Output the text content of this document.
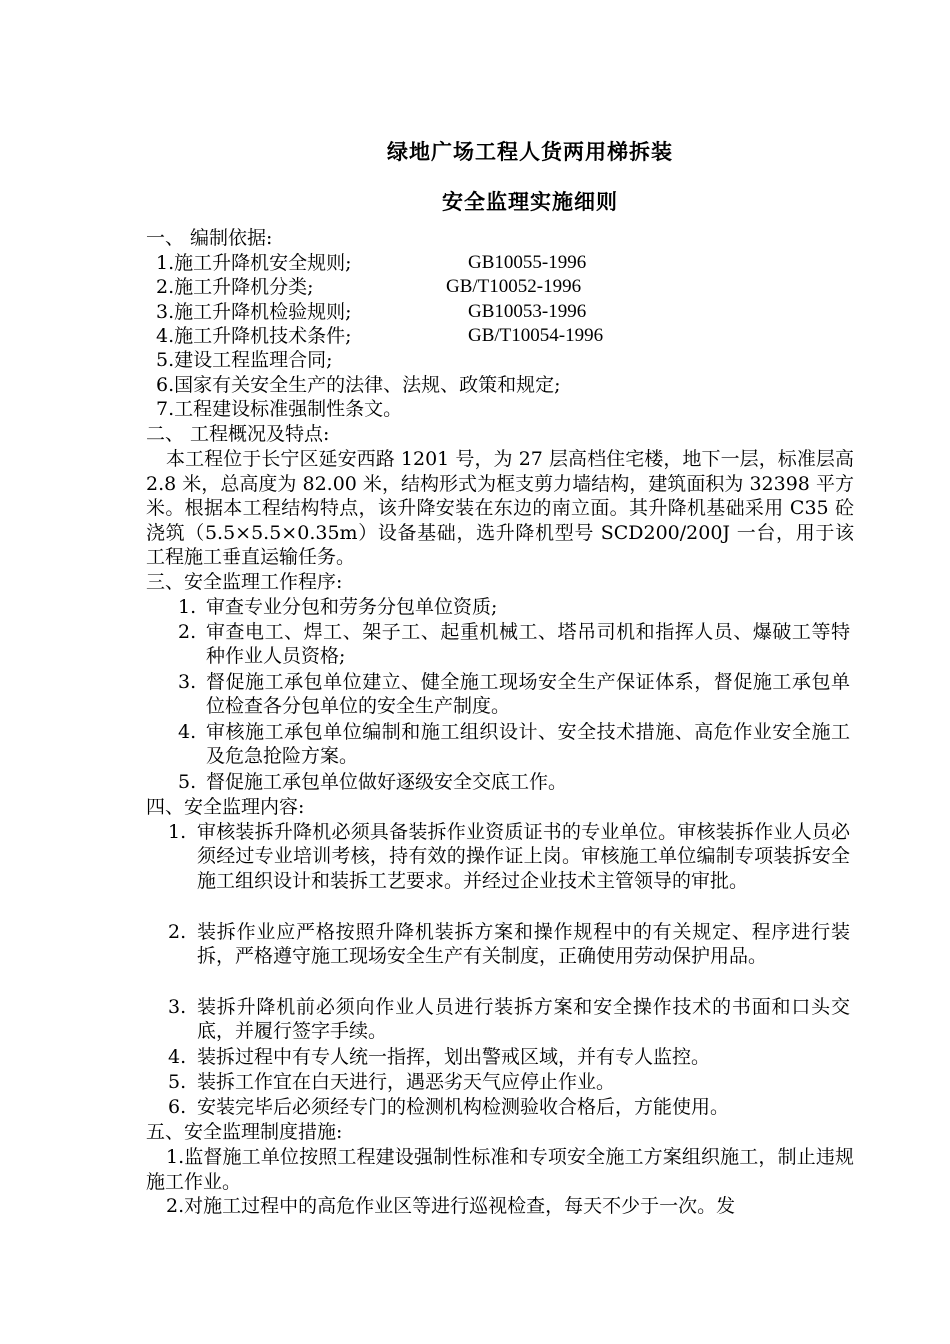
绿地广场工程人货两用梯拆装
安全监理实施细则
一、 编制依据:
1.施工升降机安全规则;	GB10055-1996
2.施工升降机分类;	GB/T10052-1996
3.施工升降机检验规则;	GB10053-1996
4.施工升降机技术条件;	GB/T10054-1996
5.建设工程监理合同;
6.国家有关安全生产的法律、法规、政策和规定;
7.工程建设标准强制性条文。
二、 工程概况及特点:
本工程位于长宁区延安西路 1201 号，为 27 层高档住宅楼，地下一层，标准层高 2.8 米，总高度为 82.00 米，结构形式为框支剪力墙结构，建筑面积为 32398 平方米。根据本工程结构特点，该升降安装在东边的南立面。其升降机基础采用 C35 砼浇筑（5.5×5.5×0.35m）设备基础，选升降机型号 SCD200/200J 一台，用于该工程施工垂直运输任务。
三、安全监理工作程序:
1. 审查专业分包和劳务分包单位资质;
2. 审查电工、焊工、架子工、起重机械工、塔吊司机和指挥人员、爆破工等特种作业人员资格;
3. 督促施工承包单位建立、健全施工现场安全生产保证体系，督促施工承包单位检查各分包单位的安全生产制度。
4. 审核施工承包单位编制和施工组织设计、安全技术措施、高危作业安全施工及危急抢险方案。
5. 督促施工承包单位做好逐级安全交底工作。
四、安全监理内容:
1. 审核装拆升降机必须具备装拆作业资质证书的专业单位。审核装拆作业人员必须经过专业培训考核，持有效的操作证上岗。审核施工单位编制专项装拆安全施工组织设计和装拆工艺要求。并经过企业技术主管领导的审批。
2. 装拆作业应严格按照升降机装拆方案和操作规程中的有关规定、程序进行装拆，严格遵守施工现场安全生产有关制度，正确使用劳动保护用品。
3. 装拆升降机前必须向作业人员进行装拆方案和安全操作技术的书面和口头交底，并履行签字手续。
4. 装拆过程中有专人统一指挥，划出警戒区域，并有专人监控。
5. 装拆工作宜在白天进行，遇恶劣天气应停止作业。
6. 安装完毕后必须经专门的检测机构检测验收合格后，方能使用。
五、安全监理制度措施:
1.监督施工单位按照工程建设强制性标准和专项安全施工方案组织施工，制止违规施工作业。
2.对施工过程中的高危作业区等进行巡视检查，每天不少于一次。发
